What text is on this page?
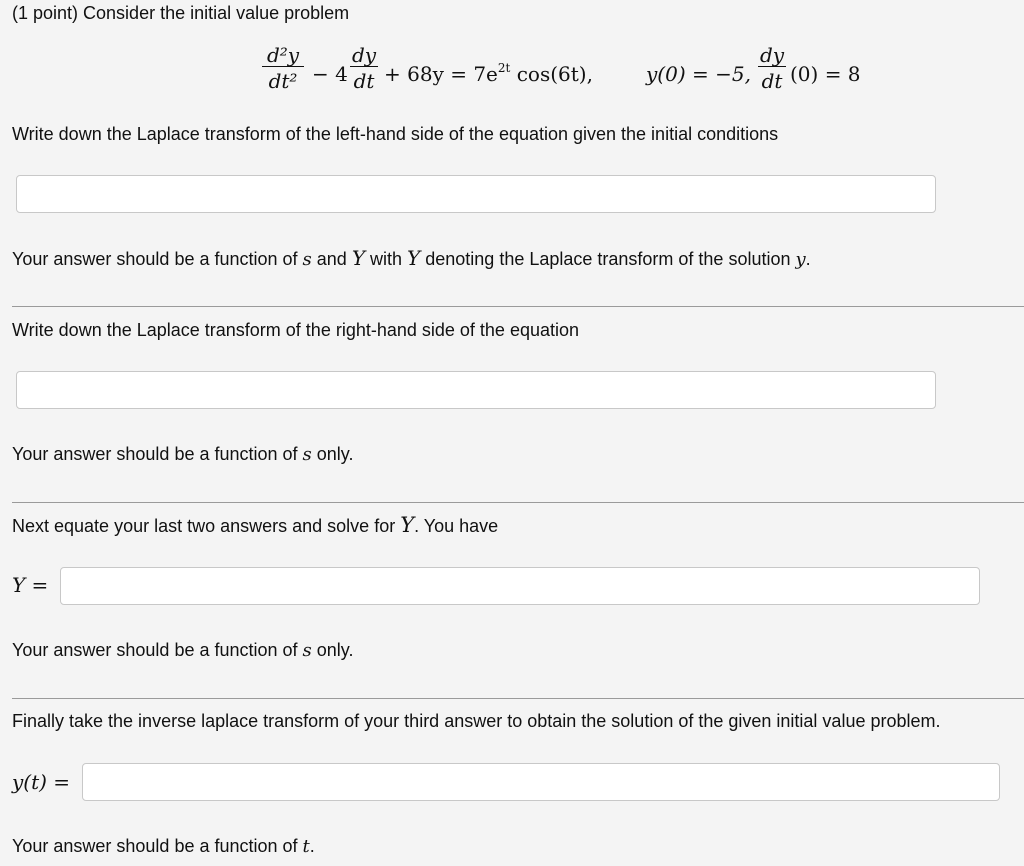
(1 point) Consider the initial value problem
$\frac{\text{d²y}}{\text{dt²}} - 4 \frac{dy}{dt} + 68y = 7e^{2t}$ cos(6t),	y(0) = −5, $\frac{dy}{dt} (0) = 8$
Write down the Laplace transform of the left-hand side of the equation given the initial conditions
Your answer should be a function of s and Y with Y denoting the Laplace transform of the solution y.
Write down the Laplace transform of the right-hand side of the equation
Your answer should be a function of s only.
Next equate your last two answers and solve for Y. You have
Y =
Your answer should be a function of s only.
Finally take the inverse laplace transform of your third answer to obtain the solution of the given initial value problem.
y(t) =
Your answer should be a function of t.
